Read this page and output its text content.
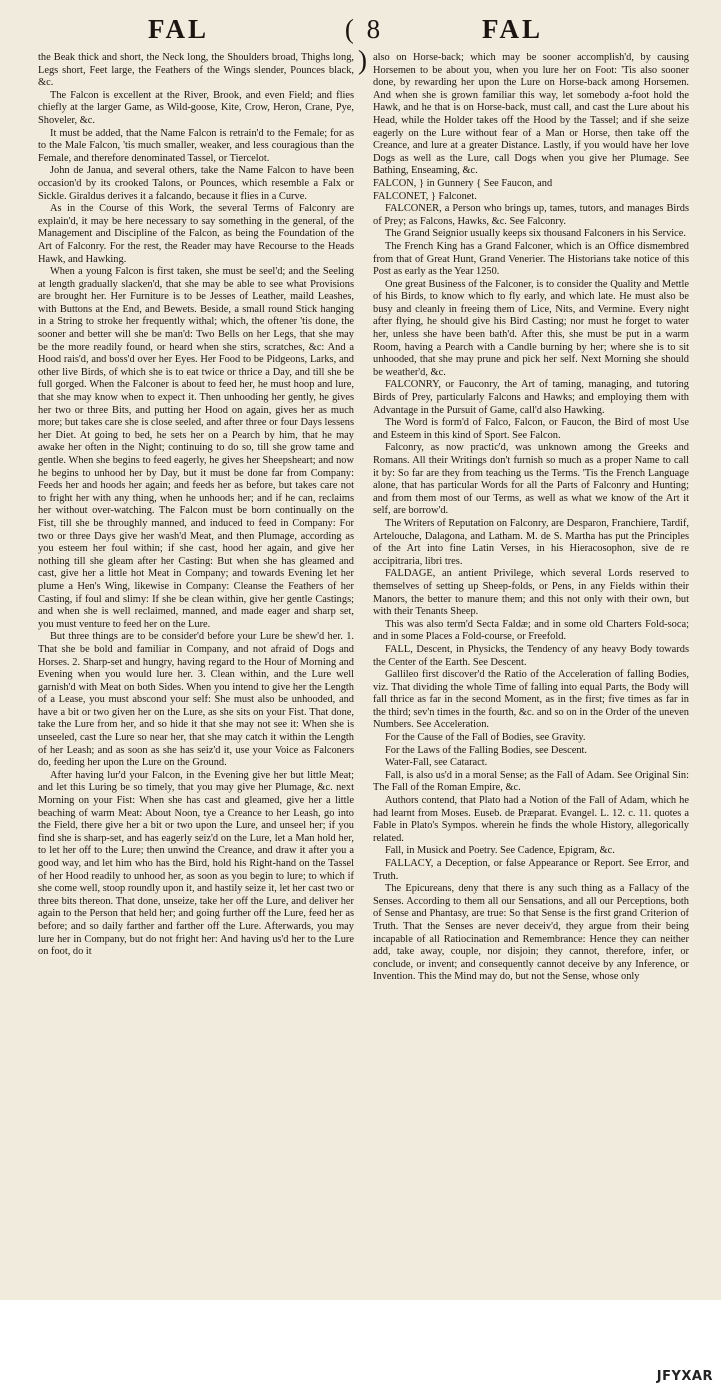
FAL	( 8 )
FAL

the Beak thick and short, the Neck long, the Shoulders broad, Thighs long, Legs short, Feet large, the Feathers of the Wings slender, Pounces black, &c.

The Falcon is excellent at the River, Brook, and even Field; and flies chiefly at the larger Game, as Wild-goose, Kite, Crow, Heron, Crane, Pye, Shoveler, &c.

It must be added, that the Name Falcon is retrain'd to the Female; for as to the Male Falcon, 'tis much smaller, weaker, and less couragious than the Female, and therefore denominated Tassel, or Tiercelot.

John de Janua, and several others, take the Name Falcon to have been occasion'd by its crooked Talons, or Pounces, which resemble a Falx or Sickle. Giraldus derives it a falcando, because it flies in a Curve.

As in the Course of this Work, the several Terms of Falconry are explain'd, it may be here necessary to say something in the general, of the Management and Discipline of the Falcon, as being the Foundation of the Art of Falconry. For the rest, the Reader may have Recourse to the Heads Hawk, and Hawking.

When a young Falcon is first taken, she must be seel'd; and the Seeling at length gradually slacken'd, that she may be able to see what Provisions are brought her. Her Furniture is to be Jesses of Leather, maild Leashes, with Buttons at the End, and Bewets. Beside, a small round Stick hanging in a String to stroke her frequently withal; which, the oftener 'tis done, the sooner and better will she be man'd: Two Bells on her Legs, that she may be the more readily found, or heard when she stirs, scratches, &c: And a Hood rais'd, and boss'd over her Eyes. Her Food to be Pidgeons, Larks, and other live Birds, of which she is to eat twice or thrice a Day, and till she be full gorged. When the Falconer is about to feed her, he must hoop and lure, that she may know when to expect it. Then unhooding her gently, he gives her two or three Bits, and putting her Hood on again, gives her as much more; but takes care she is close seeled, and after three or four Days lessens her Diet. At going to bed, he sets her on a Pearch by him, that he may awake her often in the Night; continuing to do so, till she grow tame and gentle. When she begins to feed eagerly, he gives her Sheepsheart; and now he begins to unhood her by Day, but it must be done far from Company: Feeds her and hoods her again; and feeds her as before, but takes care not to fright her with any thing, when he unhoods her; and if he can, reclaims her without over-watching. The Falcon must be born continually on the Fist, till she be throughly manned, and induced to feed in Company: For two or three Days give her wash'd Meat, and then Plumage, according as you esteem her foul within; if she cast, hood her again, and give her nothing till she gleam after her Casting: But when she has gleamed and cast, give her a little hot Meat in Company; and towards Evening let her plume a Hen's Wing, likewise in Company: Cleanse the Feathers of her Casting, if foul and slimy: If she be clean within, give her gentle Castings; and when she is well reclaimed, manned, and made eager and sharp set, you must venture to feed her on the Lure.

But three things are to be consider'd before your Lure be shew'd her. 1. That she be bold and familiar in Company, and not afraid of Dogs and Horses. 2. Sharp-set and hungry, having regard to the Hour of Morning and Evening when you would lure her. 3. Clean within, and the Lure well garnish'd with Meat on both Sides. When you intend to give her the Length of a Lease, you must abscond your self: She must also be unhooded, and have a bit or two given her on the Lure, as she sits on your Fist. That done, take the Lure from her, and so hide it that she may not see it: When she is unseeled, cast the Lure so near her, that she may catch it within the Length of her Leash; and as soon as she has seiz'd it, use your Voice as Falconers do, feeding her upon the Lure on the Ground.

After having lur'd your Falcon, in the Evening give her but little Meat; and let this Luring be so timely, that you may give her Plumage, &c. next Morning on your Fist: When she has cast and gleamed, give her a little beaching of warm Meat: About Noon, tye a Creance to her Leash, go into the Field, there give her a bit or two upon the Lure, and unseel her; if you find she is sharp-set, and has eagerly seiz'd on the Lure, let a Man hold her, to let her off to the Lure; then unwind the Creance, and draw it after you a good way, and let him who has the Bird, hold his Right-hand on the Tassel of her Hood readily to unhood her, as soon as you begin to lure; to which if she come well, stoop roundly upon it, and hastily seize it, let her cast two or three bits thereon. That done, unseize, take her off the Lure, and deliver her again to the Person that held her; and going further off the Lure, feed her as before; and so daily farther and farther off the Lure. Afterwards, you may lure her in Company, but do not fright her: And having us'd her to the Lure on foot, do it

also on Horse-back; which may be sooner accomplish'd, by causing Horsemen to be about you, when you lure her on Foot: 'Tis also sooner done, by rewarding her upon the Lure on Horse-back among Horsemen. And when she is grown familiar this way, let somebody a-foot hold the Hawk, and he that is on Horse-back, must call, and cast the Lure about his Head, while the Holder takes off the Hood by the Tassel; and if she seize eagerly on the Lure without fear of a Man or Horse, then take off the Creance, and lure at a greater Distance. Lastly, if you would have her love Dogs as well as the Lure, call Dogs when you give her Plumage. See Bathing, Enseaming, &c.

FALCON, } in Gunnery { See Faucon, and

FALCONET, } Falconet.

FALCONER, a Person who brings up, tames, tutors, and manages Birds of Prey; as Falcons, Hawks, &c. See Falconry.

The Grand Seignior usually keeps six thousand Falconers in his Service.

The French King has a Grand Falconer, which is an Office dismembred from that of Great Hunt, Grand Venerier. The Historians take notice of this Post as early as the Year 1250.

One great Business of the Falconer, is to consider the Quality and Mettle of his Birds, to know which to fly early, and which late. He must also be busy and cleanly in freeing them of Lice, Nits, and Vermine. Every night after flying, he should give his Bird Casting; nor must he forget to water her, unless she have been bath'd. After this, she must be put in a warm Room, having a Pearch with a Candle burning by her; where she is to sit unhooded, that she may prune and pick her self. Next Morning she should be weather'd, &c.

FALCONRY, or Fauconry, the Art of taming, managing, and tutoring Birds of Prey, particularly Falcons and Hawks; and employing them with Advantage in the Pursuit of Game, call'd also Hawking.

The Word is form'd of Falco, Falcon, or Faucon, the Bird of most Use and Esteem in this kind of Sport. See Falcon.

Falconry, as now practic'd, was unknown among the Greeks and Romans. All their Writings don't furnish so much as a proper Name to call it by: So far are they from teaching us the Terms. 'Tis the French Language alone, that has particular Words for all the Parts of Falconry and Hunting; and from them most of our Terms, as well as what we know of the Art it self, are borrow'd.

The Writers of Reputation on Falconry, are Desparon, Franchiere, Tardif, Artelouche, Dalagona, and Latham. M. de S. Martha has put the Principles of the Art into fine Latin Verses, in his Hieracosophon, sive de re accipitraria, libri tres.

FALDAGE, an antient Privilege, which several Lords reserved to themselves of setting up Sheep-folds, or Pens, in any Fields within their Manors, the better to manure them; and this not only with their own, but with their Tenants Sheep.

This was also term'd Secta Faldæ; and in some old Charters Fold-soca; and in some Places a Fold-course, or Freefold.

FALL, Descent, in Physicks, the Tendency of any heavy Body towards the Center of the Earth. See Descent.

Gallileo first discover'd the Ratio of the Acceleration of falling Bodies, viz. That dividing the whole Time of falling into equal Parts, the Body will fall thrice as far in the second Moment, as in the first; five times as far in the third; sev'n times in the fourth, &c. and so on in the Order of the uneven Numbers. See Acceleration.

For the Cause of the Fall of Bodies, see Gravity.

For the Laws of the Falling Bodies, see Descent.

Water-Fall, see Cataract.

Fall, is also us'd in a moral Sense; as the Fall of Adam. See Original Sin: The Fall of the Roman Empire, &c.

Authors contend, that Plato had a Notion of the Fall of Adam, which he had learnt from Moses. Euseb. de Præparat. Evangel. L. 12. c. 11. quotes a Fable in Plato's Sympos. wherein he finds the whole History, allegorically related.

Fall, in Musick and Poetry. See Cadence, Epigram, &c.

FALLACY, a Deception, or false Appearance or Report. See Error, and Truth.

The Epicureans, deny that there is any such thing as a Fallacy of the Senses. According to them all our Sensations, and all our Perceptions, both of Sense and Phantasy, are true: So that Sense is the first grand Criterion of Truth. That the Senses are never deceiv'd, they argue from their being incapable of all Ratiocination and Remembrance: Hence they can neither add, take away, couple, nor disjoin; they cannot, therefore, infer, or conclude, or invent; and consequently cannot deceive by any Inference, or Invention. This the Mind may do, but not the Sense, whose only

JFYXAR
